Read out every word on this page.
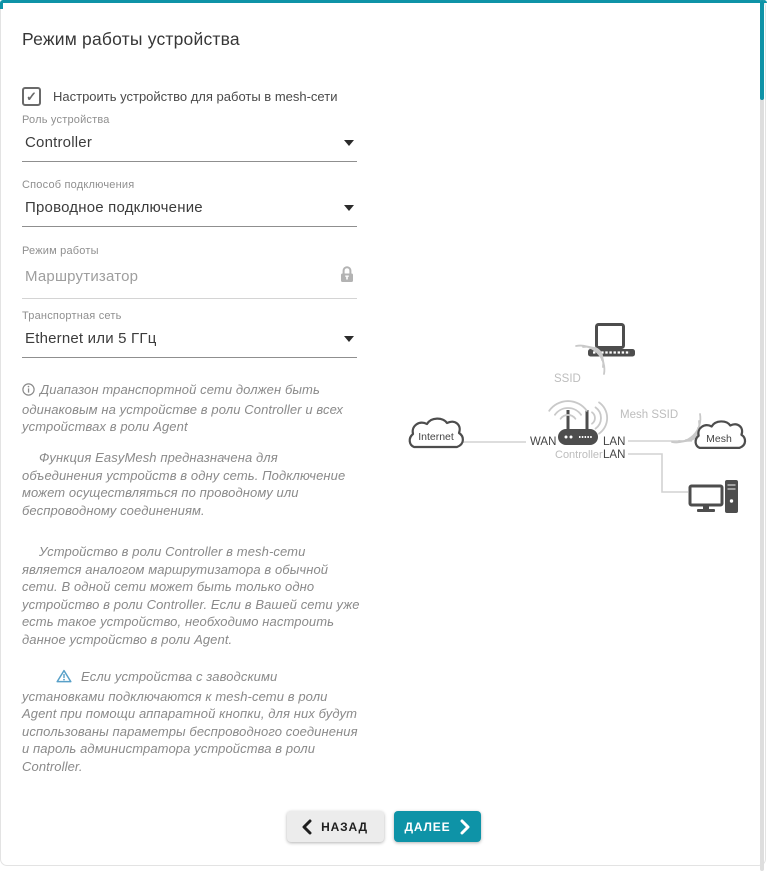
Режим работы устройства
✓ Настроить устройство для работы в mesh-сети
Роль устройства
Controller
Способ подключения
Проводное подключение
Режим работы
Маршрутизатор
Транспортная сеть
Ethernet или 5 ГГц

Диапазон транспортной сети должен быть одинаковым на устройстве в роли Controller и всех устройствах в роли Agent

Функция EasyMesh предназначена для объединения устройств в одну сеть. Подключение может осуществляться по проводному или беспроводному соединениям.

Устройство в роли Controller в mesh-сети является аналогом маршрутизатора в обычной сети. В одной сети может быть только одно устройство в роли Controller. Если в Вашей сети уже есть такое устройство, необходимо настроить данное устройство в роли Agent.

Если устройства с заводскими установками подключаются к mesh-сети в роли Agent при помощи аппаратной кнопки, для них будут использованы параметры беспроводного соединения и пароль администратора устройства в роли Controller.

НАЗАД	ДАЛЕЕ
SSID
Internet	WAN	LAN
LAN
Controller
Mesh SSID
Mesh
